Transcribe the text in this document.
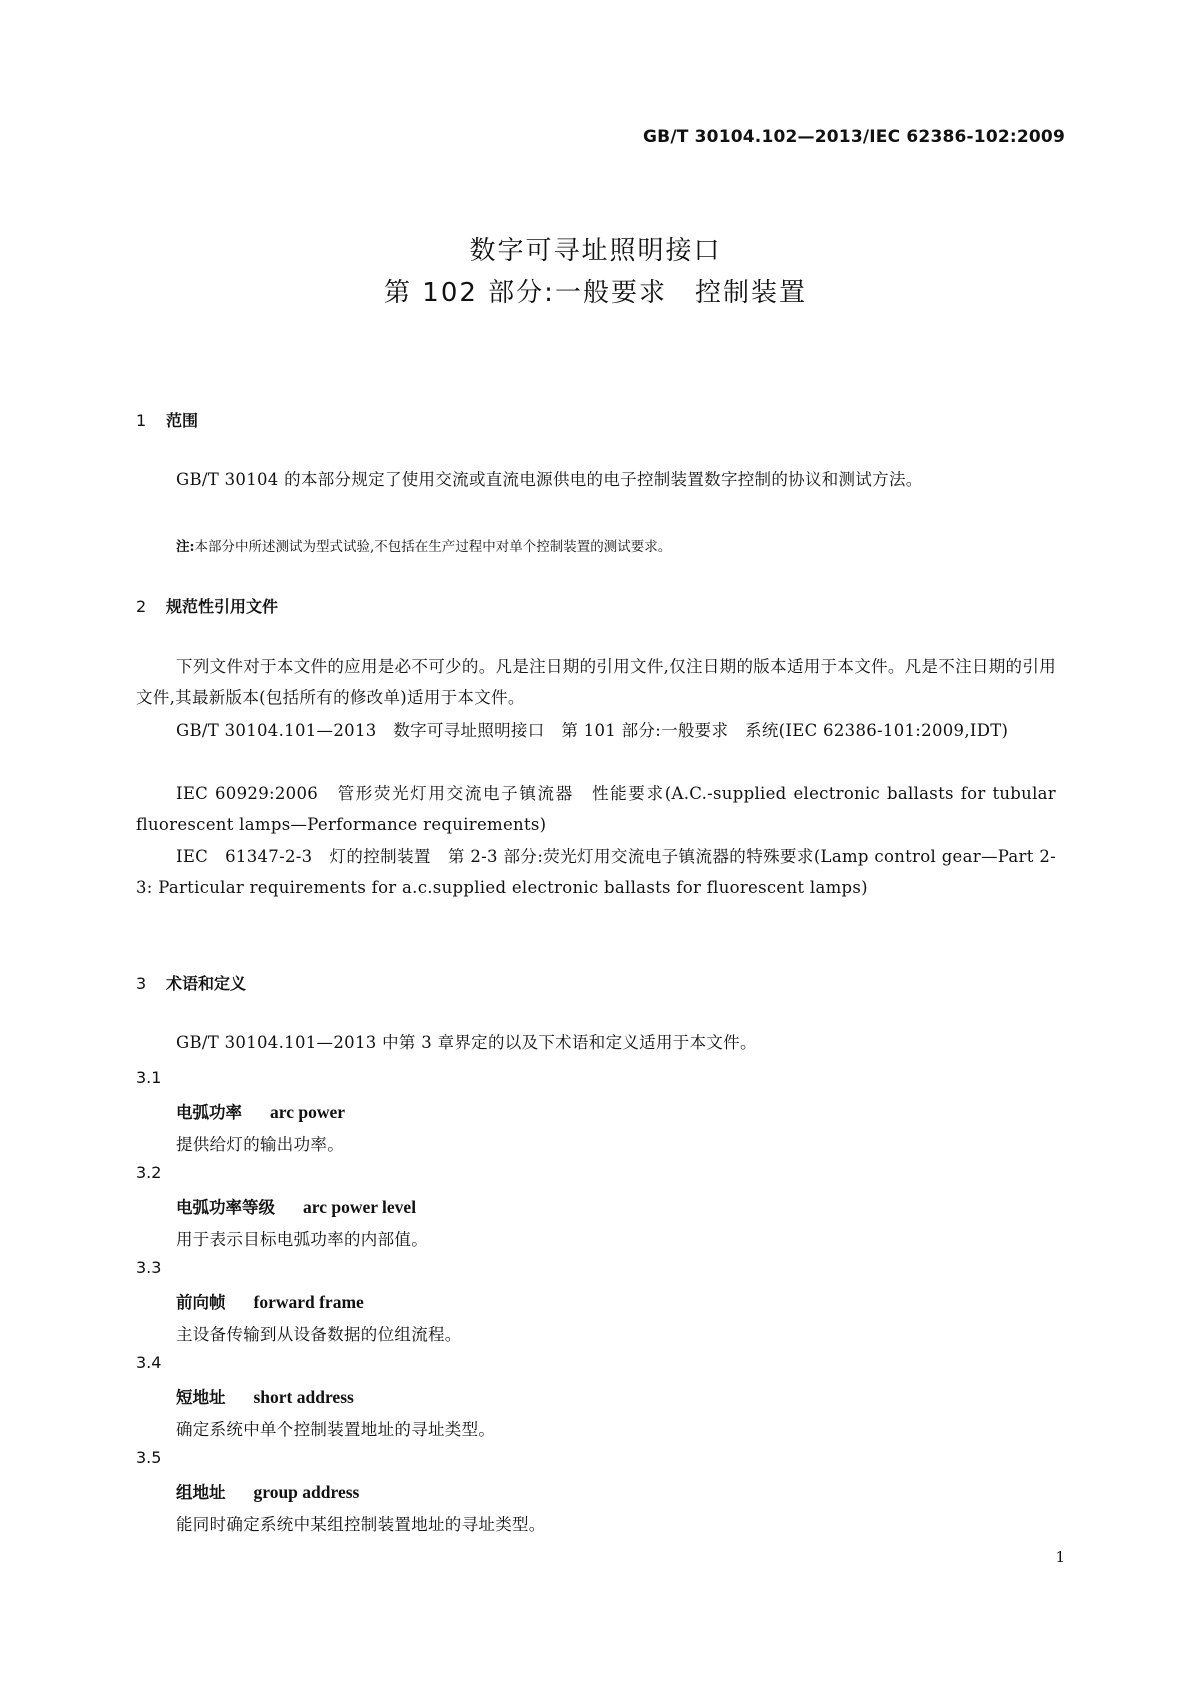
GB/T 30104.102—2013/IEC 62386-102:2009
数字可寻址照明接口
第 102 部分:一般要求　控制装置
1 范围
GB/T 30104 的本部分规定了使用交流或直流电源供电的电子控制装置数字控制的协议和测试方法。
注:本部分中所述测试为型式试验,不包括在生产过程中对单个控制装置的测试要求。
2 规范性引用文件
下列文件对于本文件的应用是必不可少的。凡是注日期的引用文件,仅注日期的版本适用于本文件。凡是不注日期的引用文件,其最新版本(包括所有的修改单)适用于本文件。
GB/T 30104.101—2013　数字可寻址照明接口　第 101 部分:一般要求　系统(IEC 62386-101:2009,IDT)
IEC 60929:2006　管形荧光灯用交流电子镇流器　性能要求(A.C.-supplied electronic ballasts for tubular fluorescent lamps—Performance requirements)
IEC　61347-2-3　灯的控制装置　第 2-3 部分:荧光灯用交流电子镇流器的特殊要求(Lamp control gear—Part 2-3: Particular requirements for a.c.supplied electronic ballasts for fluorescent lamps)
3 术语和定义
GB/T 30104.101—2013 中第 3 章界定的以及下术语和定义适用于本文件。
3.1
电弧功率 arc power
提供给灯的输出功率。
3.2
电弧功率等级 arc power level
用于表示目标电弧功率的内部值。
3.3
前向帧 forward frame
主设备传输到从设备数据的位组流程。
3.4
短地址 short address
确定系统中单个控制装置地址的寻址类型。
3.5
组地址 group address
能同时确定系统中某组控制装置地址的寻址类型。
1
